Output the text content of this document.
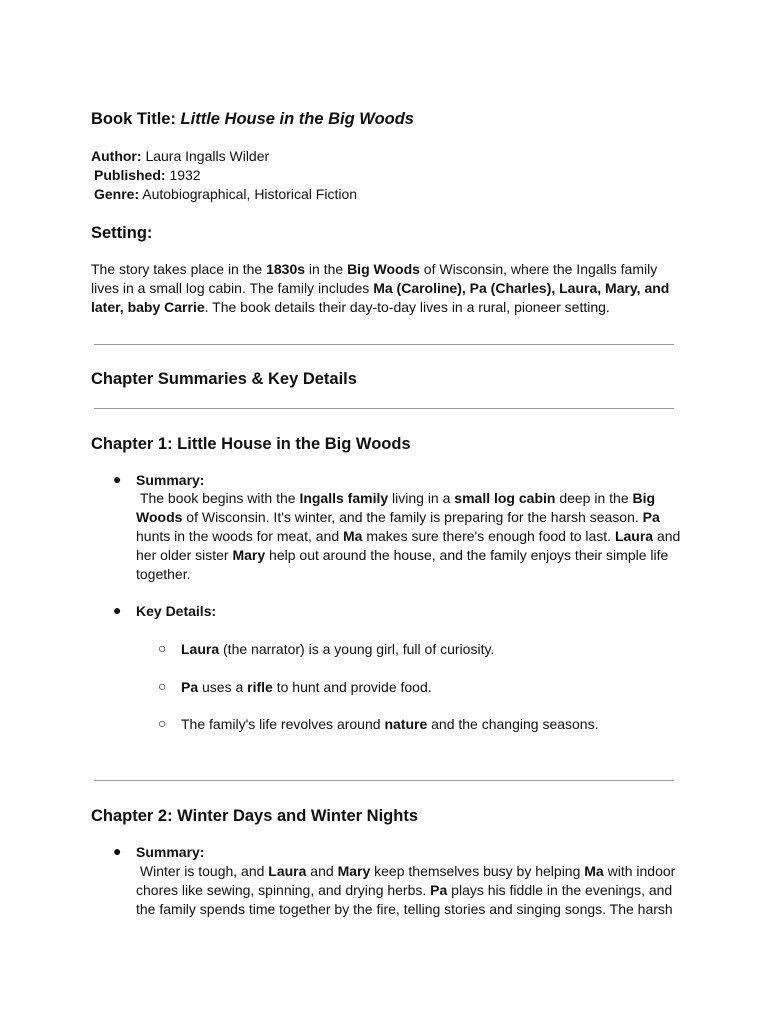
Book Title: Little House in the Big Woods
Author: Laura Ingalls Wilder
Published: 1932
Genre: Autobiographical, Historical Fiction
Setting:
The story takes place in the 1830s in the Big Woods of Wisconsin, where the Ingalls family lives in a small log cabin. The family includes Ma (Caroline), Pa (Charles), Laura, Mary, and later, baby Carrie. The book details their day-to-day lives in a rural, pioneer setting.
Chapter Summaries & Key Details
Chapter 1: Little House in the Big Woods
● Summary:
The book begins with the Ingalls family living in a small log cabin deep in the Big Woods of Wisconsin. It's winter, and the family is preparing for the harsh season. Pa hunts in the woods for meat, and Ma makes sure there's enough food to last. Laura and her older sister Mary help out around the house, and the family enjoys their simple life together.
● Key Details:
○ Laura (the narrator) is a young girl, full of curiosity.
○ Pa uses a rifle to hunt and provide food.
○ The family's life revolves around nature and the changing seasons.
Chapter 2: Winter Days and Winter Nights
● Summary:
Winter is tough, and Laura and Mary keep themselves busy by helping Ma with indoor chores like sewing, spinning, and drying herbs. Pa plays his fiddle in the evenings, and the family spends time together by the fire, telling stories and singing songs. The harsh
